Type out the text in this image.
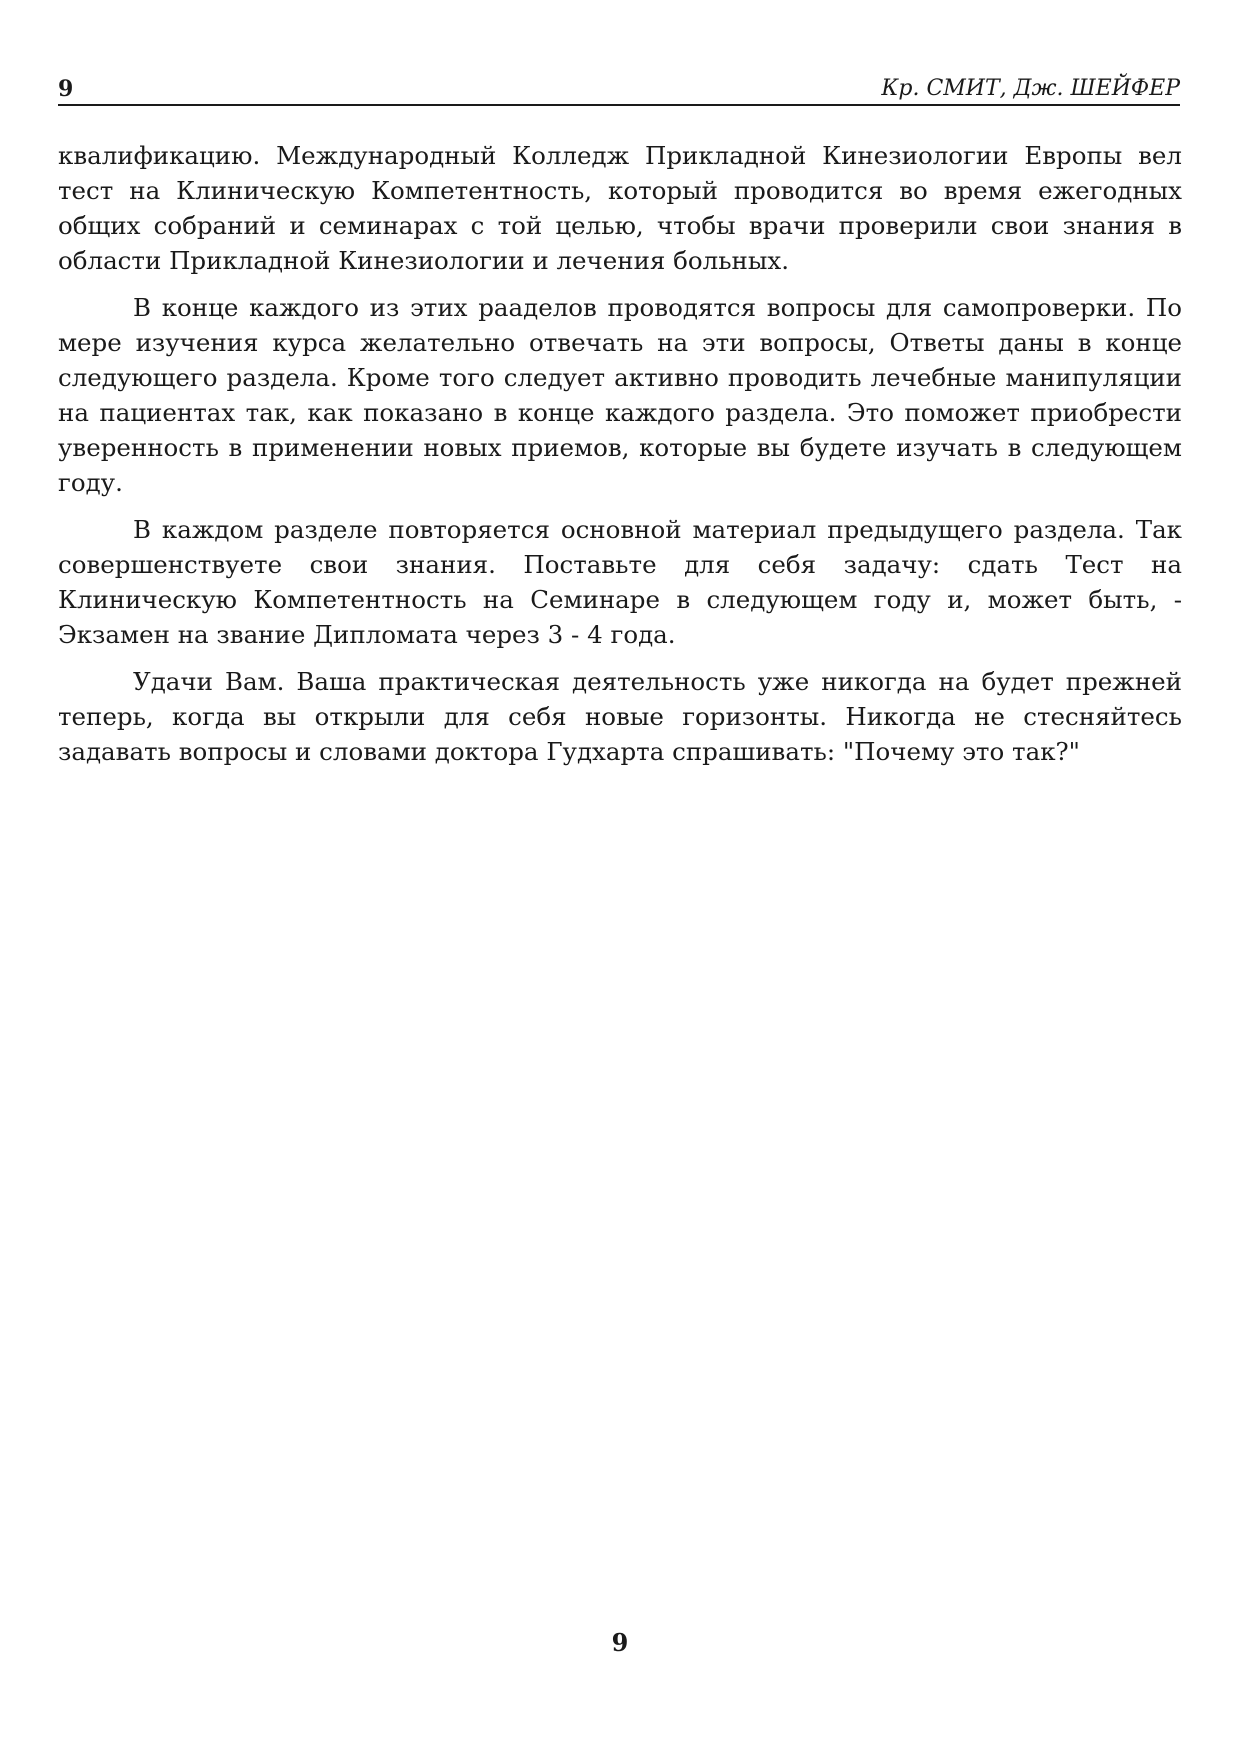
9	Кр. СМИТ, Дж. ШЕЙФЕР

квалификацию. Международный Колледж Прикладной Кинезиологии Европы вел тест на Клиническую Компетентность, который проводится во время ежегодных общих собраний и семинарах с той целью, чтобы врачи проверили свои знания в области Прикладной Кинезиологии и лечения больных.

В конце каждого из этих рааделов проводятся вопросы для самопроверки. По мере изучения курса желательно отвечать на эти вопросы, Ответы даны в конце следующего раздела. Кроме того следует активно проводить лечебные манипуляции на пациентах так, как показано в конце каждого раздела. Это поможет приобрести уверенность в применении новых приемов, которые вы будете изучать в следующем году.

В каждом разделе повторяется основной материал предыдущего раздела. Так совершенствуете свои знания. Поставьте для себя задачу: сдать Тест на Клиническую Компетентность на Семинаре в следующем году и, может быть, - Экзамен на звание Дипломата через 3 - 4 года.

Удачи Вам. Ваша практическая деятельность уже никогда на будет прежней теперь, когда вы открыли для себя новые горизонты. Никогда не стесняйтесь задавать вопросы и словами доктора Гудхарта спрашивать: "Почему это так?"

9
